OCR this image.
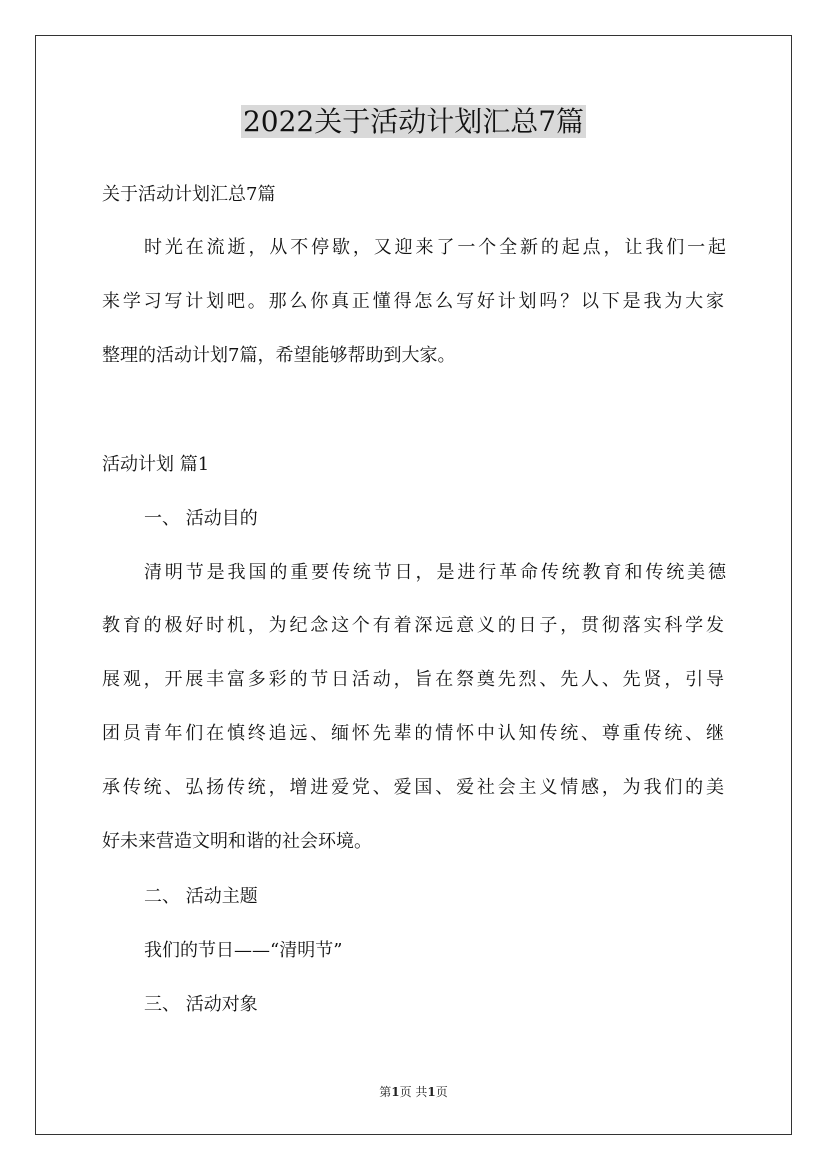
2022关于活动计划汇总7篇
关于活动计划汇总7篇
时光在流逝，从不停歇，又迎来了一个全新的起点，让我们一起
来学习写计划吧。那么你真正懂得怎么写好计划吗？以下是我为大家
整理的活动计划7篇，希望能够帮助到大家。
活动计划 篇1
一、 活动目的
清明节是我国的重要传统节日，是进行革命传统教育和传统美德
教育的极好时机，为纪念这个有着深远意义的日子，贯彻落实科学发
展观，开展丰富多彩的节日活动，旨在祭奠先烈、先人、先贤，引导
团员青年们在慎终追远、缅怀先辈的情怀中认知传统、尊重传统、继
承传统、弘扬传统，增进爱党、爱国、爱社会主义情感，为我们的美
好未来营造文明和谐的社会环境。
二、 活动主题
我们的节日——“清明节”
三、 活动对象
第1页 共1页
